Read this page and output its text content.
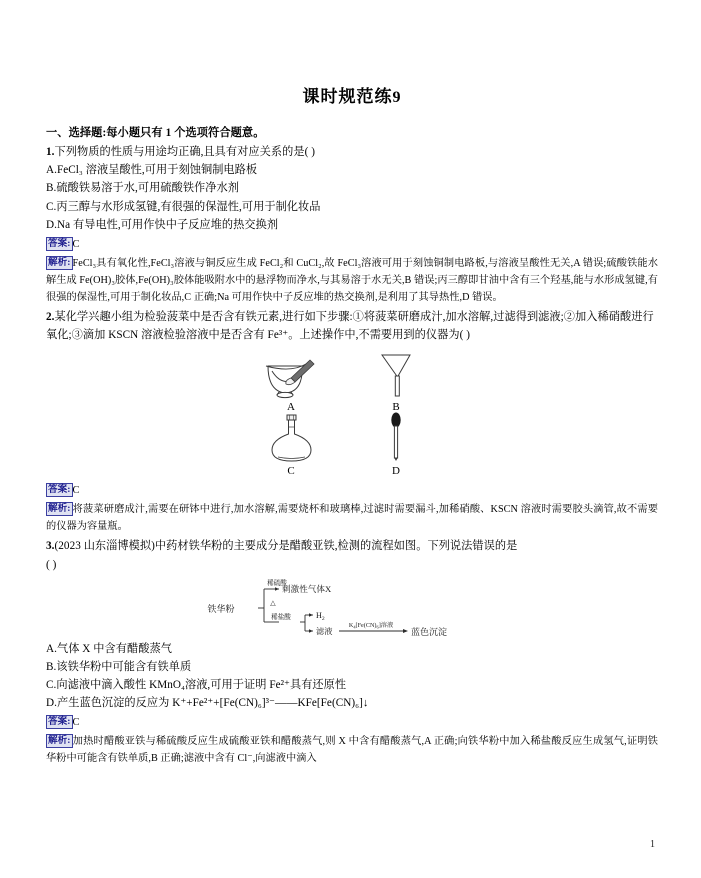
课时规范练9
一、选择题:每小题只有 1 个选项符合题意。
1.下列物质的性质与用途均正确,且具有对应关系的是( )
A.FeCl₃ 溶液呈酸性,可用于刻蚀铜制电路板
B.硫酸铁易溶于水,可用硫酸铁作净水剂
C.丙三醇与水形成氢键,有很强的保湿性,可用于制化妆品
D.Na 有导电性,可用作快中子反应堆的热交换剂
答案: C
解析: FeCl₃具有氧化性,FeCl₃溶液与铜反应生成 FeCl₂和 CuCl₂,故 FeCl₃溶液可用于刻蚀铜制电路板,与溶液呈酸性无关,A 错误;硫酸铁能水解生成 Fe(OH)₃胶体,Fe(OH)₃胶体能吸附水中的悬浮物而净水,与其易溶于水无关,B 错误;丙三醇即甘油中含有三个羟基,能与水形成氢键,有很强的保湿性,可用于制化妆品,C 正确;Na 可用作快中子反应堆的热交换剂,是利用了其导热性,D 错误。
2.某化学兴趣小组为检验菠菜中是否含有铁元素,进行如下步骤:①将菠菜研磨成汁,加水溶解,过滤得到滤液;②加入稀硝酸进行氧化;③滴加 KSCN 溶液检验溶液中是否含有 Fe³⁺。上述操作中,不需要用到的仪器为( )
A	B
C	D
答案: C
解析: 将菠菜研磨成汁,需要在研钵中进行,加水溶解,需要烧杯和玻璃棒,过滤时需要漏斗,加稀硝酸、KSCN 溶液时需要胶头滴管,故不需要的仪器为容量瓶。
3.(2023 山东淄博模拟)中药材铁华粉的主要成分是醋酸亚铁,检测的流程如图。下列说法错误的是
( )
铁华粉
稀硫酸
△
稀盐酸
刺激性气体X
$H_2$
滤液
$K_4[Fe(CN)_6]$溶液
蓝色沉淀
A.气体 X 中含有醋酸蒸气
B.该铁华粉中可能含有铁单质
C.向滤液中滴入酸性 KMnO₄溶液,可用于证明 Fe²⁺具有还原性
D.产生蓝色沉淀的反应为 K⁺+Fe²⁺+[Fe(CN)₆]³⁻——KFe[Fe(CN)₆]↓
答案: C
解析: 加热时醋酸亚铁与稀硫酸反应生成硫酸亚铁和醋酸蒸气,则 X 中含有醋酸蒸气,A 正确;向铁华粉中加入稀盐酸反应生成氢气,证明铁华粉中可能含有铁单质,B 正确;滤液中含有 Cl⁻,向滤液中滴入
1
